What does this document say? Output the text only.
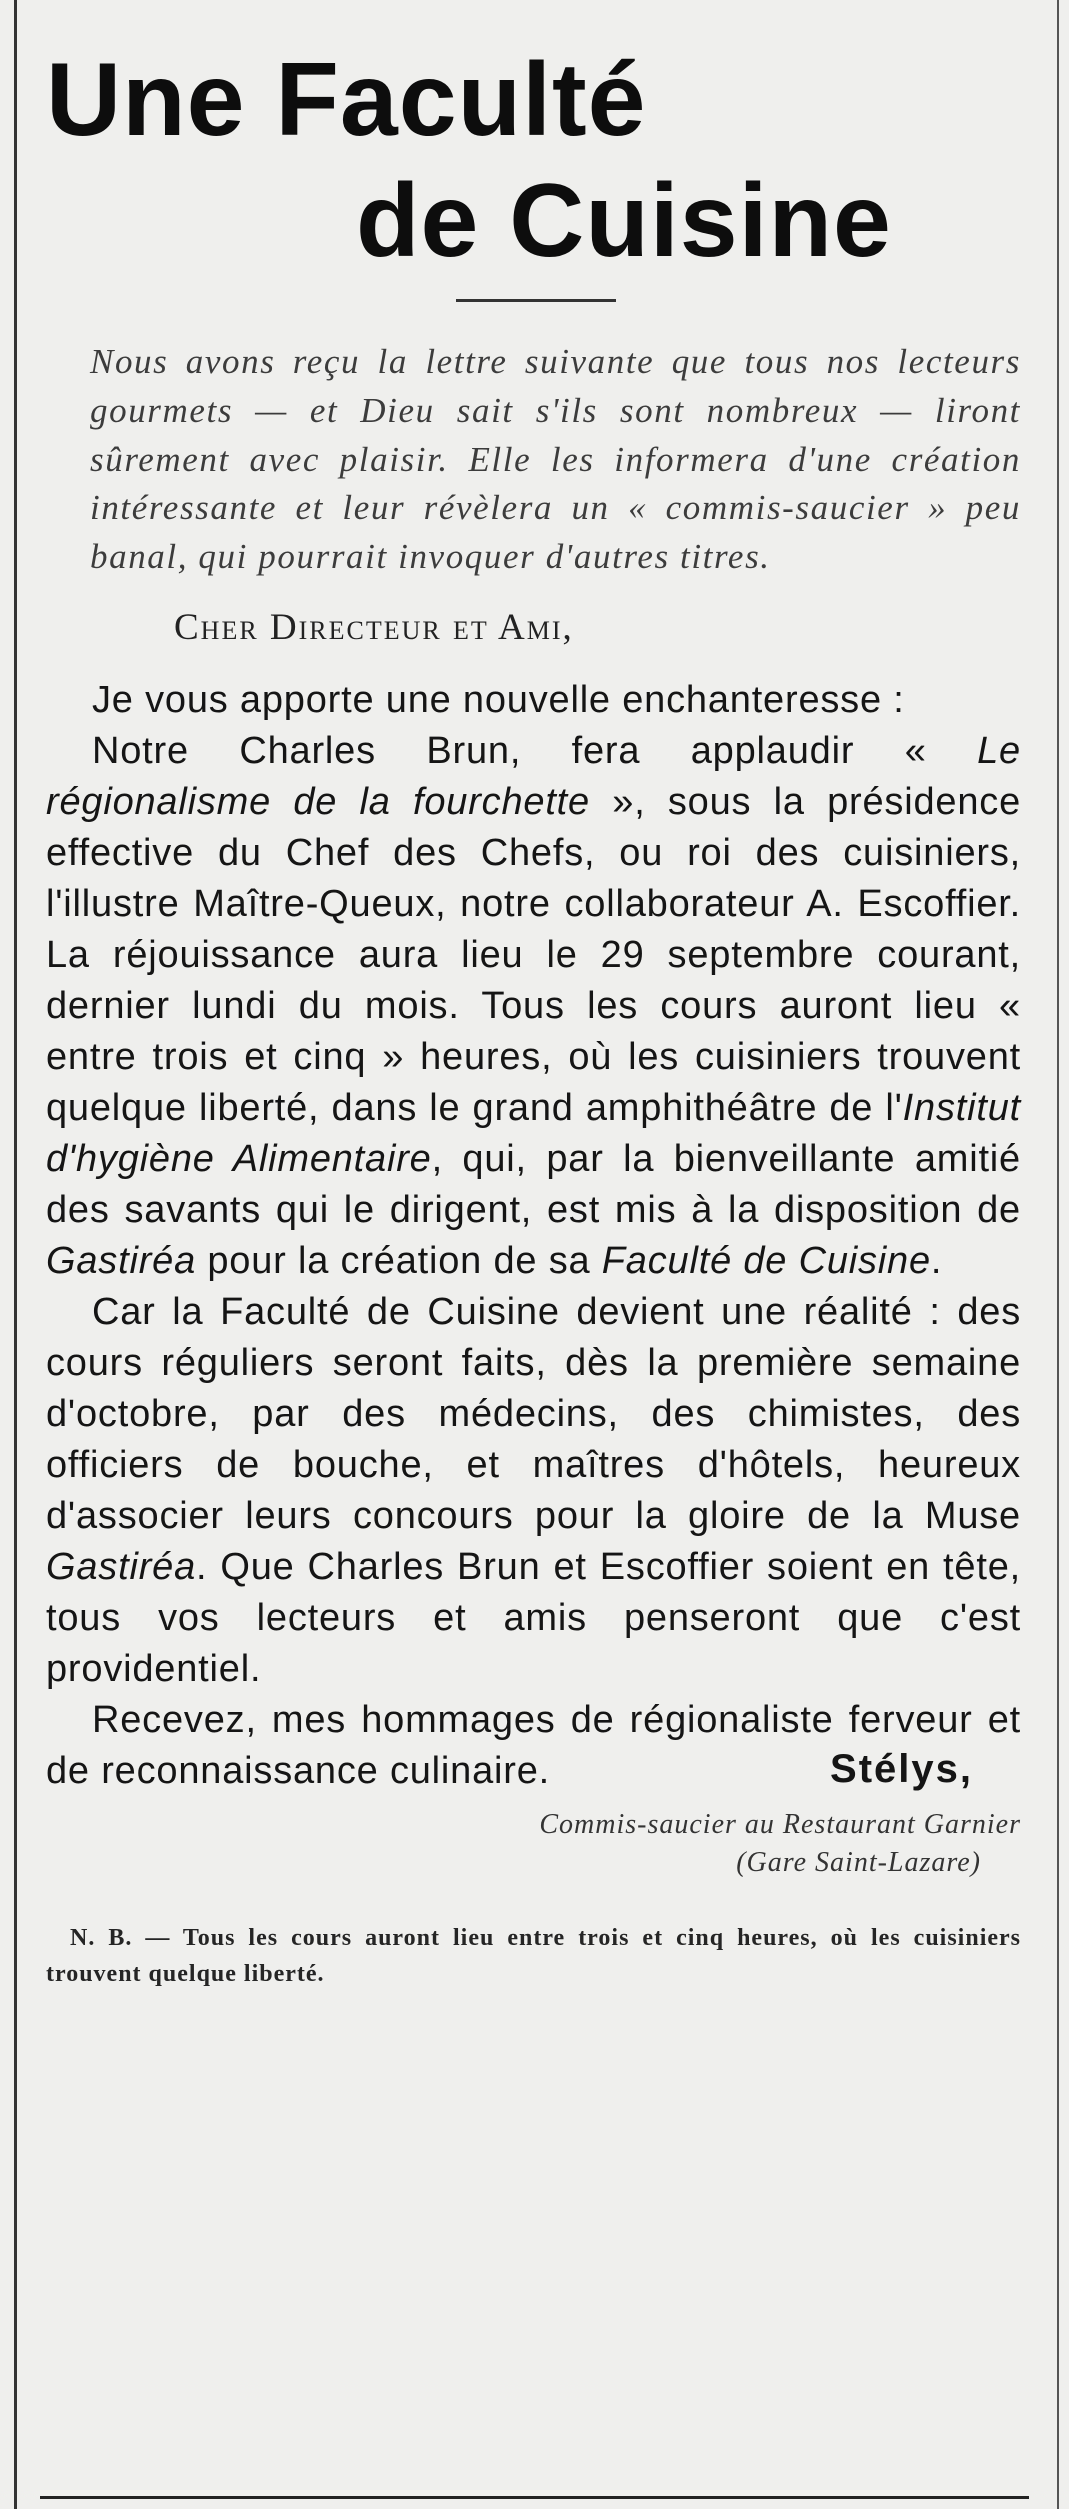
Une Faculté
de Cuisine

Nous avons reçu la lettre suivante que tous nos lecteurs gourmets — et Dieu sait s'ils sont nombreux — liront sûrement avec plaisir. Elle les informera d'une création intéressante et leur révèlera un « commis-saucier » peu banal, qui pourrait invoquer d'autres titres.

Cher Directeur et Ami,

Je vous apporte une nouvelle enchanteresse :

Notre Charles Brun, fera applaudir « Le régionalisme de la fourchette », sous la présidence effective du Chef des Chefs, ou roi des cuisiniers, l'illustre Maître-Queux, notre collaborateur A. Escoffier. La réjouissance aura lieu le 29 septembre courant, dernier lundi du mois. Tous les cours auront lieu « entre trois et cinq » heures, où les cuisiniers trouvent quelque liberté, dans le grand amphithéâtre de l'Institut d'hygiène Alimentaire, qui, par la bienveillante amitié des savants qui le dirigent, est mis à la disposition de Gastiréa pour la création de sa Faculté de Cuisine.

Car la Faculté de Cuisine devient une réalité : des cours réguliers seront faits, dès la première semaine d'octobre, par des médecins, des chimistes, des officiers de bouche, et maîtres d'hôtels, heureux d'associer leurs concours pour la gloire de la Muse Gastiréa. Que Charles Brun et Escoffier soient en tête, tous vos lecteurs et amis penseront que c'est providentiel.

Recevez, mes hommages de régionaliste ferveur et de reconnaissance culinaire.	Stélys,
Commis-saucier au Restaurant Garnier
(Gare Saint-Lazare)

N. B. — Tous les cours auront lieu entre trois et cinq heures, où les cuisiniers trouvent quelque liberté.
